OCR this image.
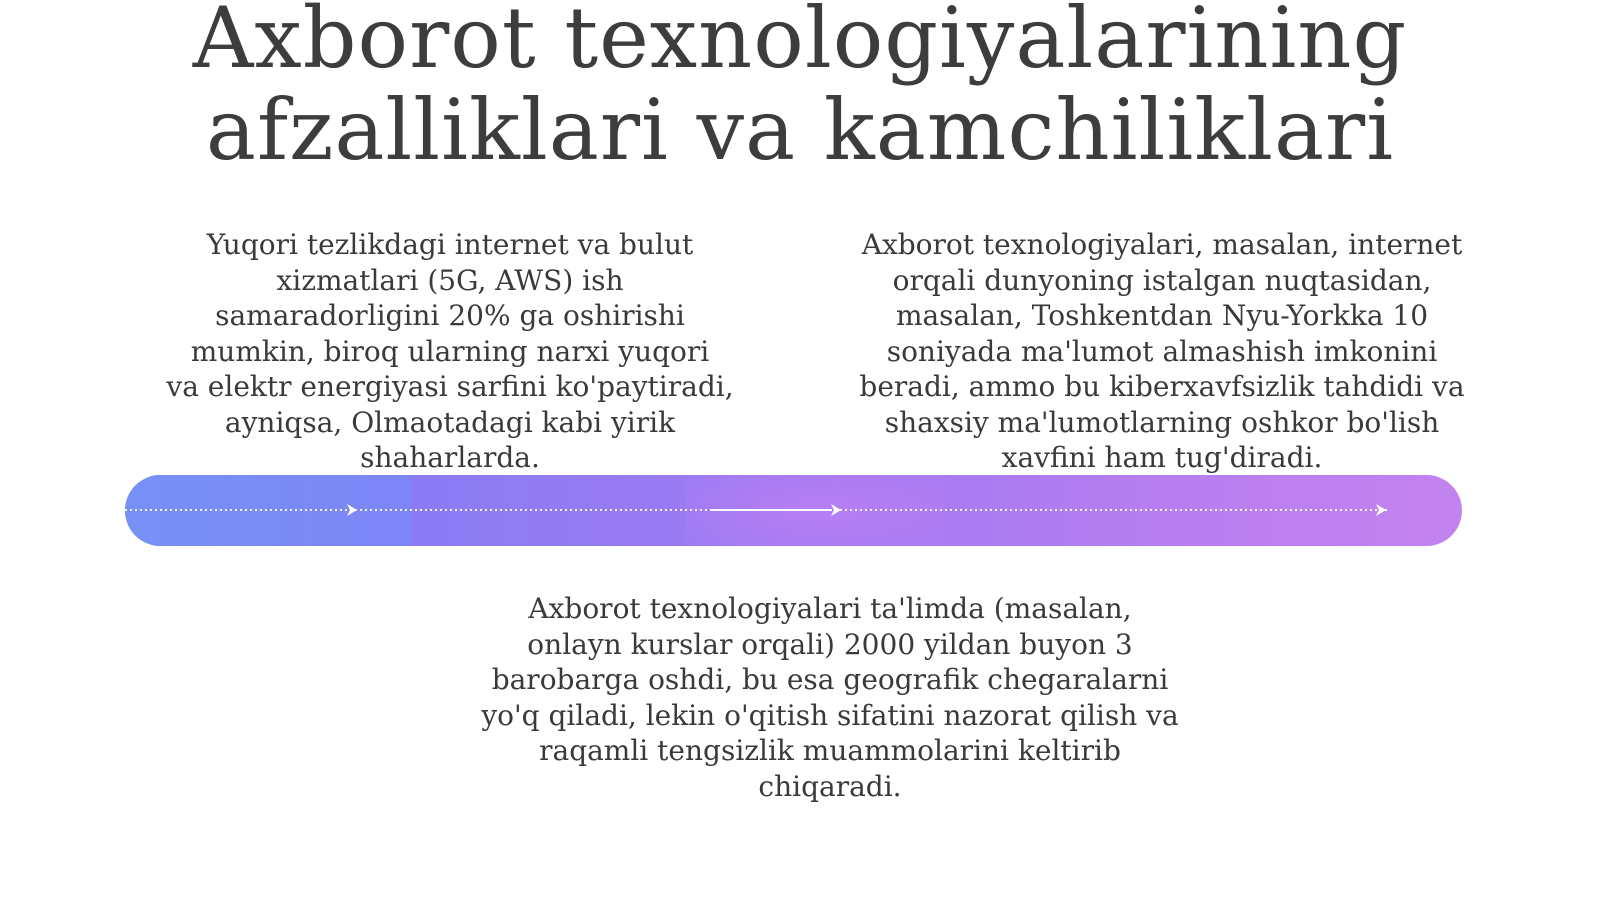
Axborot texnologiyalarining
afzalliklari va kamchiliklari
Yuqori tezlikdagi internet va bulut
xizmatlari (5G, AWS) ish
samaradorligini 20% ga oshirishi
mumkin, biroq ularning narxi yuqori
va elektr energiyasi sarfini ko'paytiradi,
ayniqsa, Olmaotadagi kabi yirik
shaharlarda.
Axborot texnologiyalari, masalan, internet
orqali dunyoning istalgan nuqtasidan,
masalan, Toshkentdan Nyu-Yorkka 10
soniyada ma'lumot almashish imkonini
beradi, ammo bu kiberxavfsizlik tahdidi va
shaxsiy ma'lumotlarning oshkor bo'lish
xavfini ham tug'diradi.
Axborot texnologiyalari ta'limda (masalan,
onlayn kurslar orqali) 2000 yildan buyon 3
barobarga oshdi, bu esa geografik chegaralarni
yo'q qiladi, lekin o'qitish sifatini nazorat qilish va
raqamli tengsizlik muammolarini keltirib
chiqaradi.
